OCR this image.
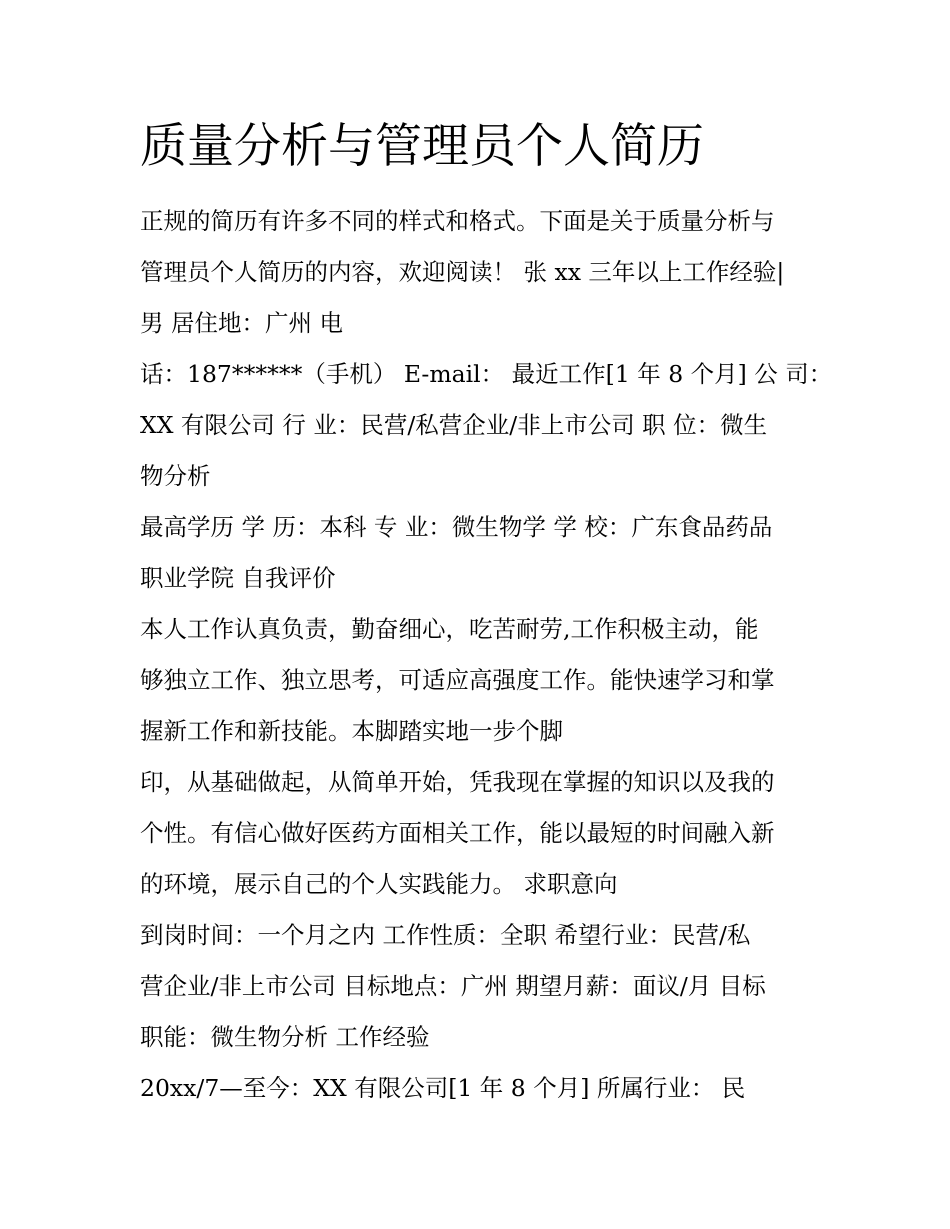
质量分析与管理员个人简历
正规的简历有许多不同的样式和格式。下面是关于质量分析与
管理员个人简历的内容，欢迎阅读！ 张 xx 三年以上工作经验|
男 居住地：广州 电
话：187******（手机） E-mail： 最近工作[1 年 8 个月] 公 司：
XX 有限公司 行 业：民营/私营企业/非上市公司 职 位：微生
物分析
最高学历 学 历：本科 专 业：微生物学 学 校：广东食品药品
职业学院 自我评价
本人工作认真负责，勤奋细心，吃苦耐劳,工作积极主动，能
够独立工作、独立思考，可适应高强度工作。能快速学习和掌
握新工作和新技能。本脚踏实地一步个脚
印，从基础做起，从简单开始，凭我现在掌握的知识以及我的
个性。有信心做好医药方面相关工作，能以最短的时间融入新
的环境，展示自己的个人实践能力。 求职意向
到岗时间：一个月之内 工作性质：全职 希望行业：民营/私
营企业/非上市公司 目标地点：广州 期望月薪：面议/月 目标
职能：微生物分析 工作经验
20xx/7—至今：XX 有限公司[1 年 8 个月] 所属行业： 民
